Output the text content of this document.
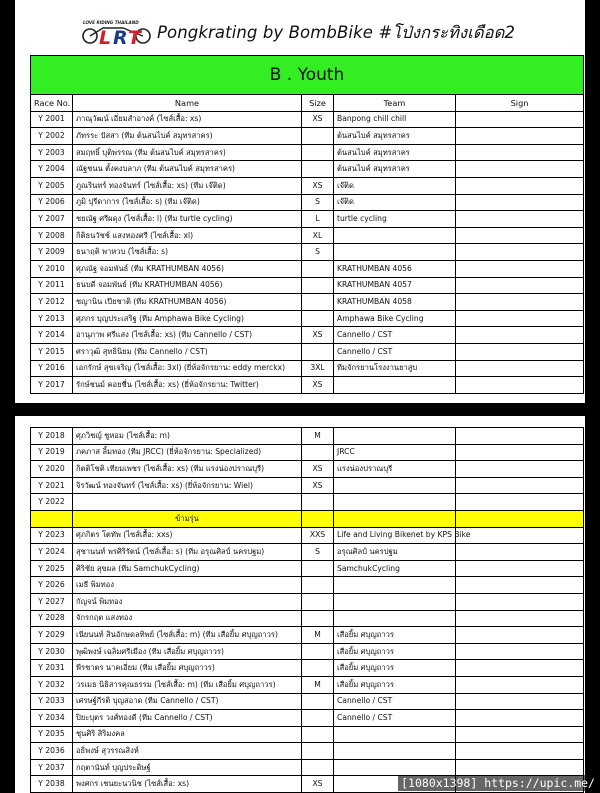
LOVE RIDING THAILAND
L R T Pongkrating by BombBike #โป่งกระทิงเดือด2
B . Youth				
Race No.	Name	Size	Team	Sign
Y 2001	ภาณุวัฒน์ เอี่ยมสำอางค์ (ไซส์เสื้อ: xs)	XS	Banpong chill chill	
Y 2002	ภัทรระ ปัสสา (ทีม ต้นสนไบค์ สมุทรสาคร)		ต้นสนไบค์ สมุทรสาคร	
Y 2003	สมฤทธิ์ บุติพรรณ (ทีม ต้นสนไบค์ สมุทรสาคร)		ต้นสนไบค์ สมุทรสาคร	
Y 2004	ณัฐชนน ตั้งคงบลาภ (ทีม ต้นสนไบค์ สมุทรสาคร)		ต้นสนไบค์ สมุทรสาคร	
Y 2005	ภูณรินทร์ ทองจันทร์ (ไซส์เสื้อ: xs) (ทีม เจ๊ติด)	XS	เจ๊ติด	
Y 2006	ภูมิ ปุรีดาการ (ไซส์เสื้อ: s) (ทีม เจ๊ติด)	S	เจ๊ติด	
Y 2007	ชยณัฐ ศรีผดุง (ไซส์เสื้อ: l) (ทีม turtle cycling)	L	turtle cycling	
Y 2008	กิติธนวัชช์ แสงทองศรี (ไซส์เสื้อ: xl)	XL		
Y 2009	ธนาฤติ พาหวบ (ไซส์เสื้อ: s)	S		
Y 2010	ศุภณัฐ จอมพันธ์ (ทีม KRATHUMBAN 4056)		KRATHUMBAN 4056	
Y 2011	ธนบดี จอมพันธ์ (ทีม KRATHUMBAN 4056)		KRATHUMBAN 4057	
Y 2012	ชญานิน เปียชาติ (ทีม KRATHUMBAN 4056)		KRATHUMBAN 4058	
Y 2013	ศุภกร บุญประเสริฐ (ทีม Amphawa Bike Cycling)		Amphawa Bike Cycling	
Y 2014	อานุภาพ ศรีแสง (ไซส์เสื้อ: xs) (ทีม Cannello / CST)	XS	Cannello / CST	
Y 2015	ศราวุฒิ สุทธินิยม (ทีม Cannello / CST)		Cannello / CST	
Y 2016	เอกรักษ์ สุขเจริญ (ไซส์เสื้อ: 3xl) (ยี่ห้อจักรยาน: eddy merckx)	3XL	ทีมจักรยานโรงงานยาสูบ	
Y 2017	รักษ์ชนม์ คอยชื่น (ไซส์เสื้อ: xs) (ยี่ห้อจักรยาน: Twitter)	XS		
Y 2018	ศุภวิชญ์ ชูหอม (ไซส์เสื้อ: m)	M		
Y 2019	ภคภาส ลิ้มทอง (ทีม JRCC) (ยี่ห้อจักรยาน: Specialized)		JRCC	
Y 2020	กิตติโชติ เทียมเพชร (ไซส์เสื้อ: xs) (ทีม แรงน่องปราณบุรี)	XS	แรงน่องปราณบุรี	
Y 2021	จิรวัฒน์ ทองจันทร์ (ไซส์เสื้อ: xs) (ยี่ห้อจักรยาน: Wiel)	XS		
Y 2022				
	ข้ามรุ่น			
Y 2023	ศุภกิตร โตทัพ (ไซส์เสื้อ: xxs)	XXS	Life and Living Bikenet by KPS Bike	
Y 2024	สุชานนท์ พรศิริรัตน์ (ไซส์เสื้อ: s) (ทีม อรุณศิลป์ นครปฐม)	S	อรุณศิลป์ นครปฐม	
Y 2025	ศิริชัย สุขผล (ทีม SamchukCycling)		SamchukCycling	
Y 2026	เมธี พิมทอง			
Y 2027	กัญจน์ พิมทอง			
Y 2028	จักรกฤต แสงทอง			
Y 2029	เนียนนท์ สินอักษดลทิพย์ (ไซส์เสื้อ: m) (ทีม เสือยิ้ม ศบุญถาวร)	M	เสือยิ้ม ศบุญถาวร	
Y 2030	พุฒิพงษ์ เฉลิมศรีเมือง (ทีม เสือยิ้ม ศบุญถาวร)		เสือยิ้ม ศบุญถาวร	
Y 2031	พีรชาตร นาคเอี่ยม (ทีม เสือยิ้ม ศบุญถาวร)		เสือยิ้ม ศบุญถาวร	
Y 2032	วรเมธ นิธิสารคุณธรรม (ไซส์เสื้อ: m) (ทีม เสือยิ้ม ศบุญถาวร)	M	เสือยิ้ม ศบุญถาวร	
Y 2033	เศรษฐ์กีรติ บุญสอาด (ทีม Cannello / CST)		Cannello / CST	
Y 2034	ปิยะบุตร วงศ์ทองดี (ทีม Cannello / CST)		Cannello / CST	
Y 2035	ชุนศิริ สิริมงคล			
Y 2036	อธิพงษ์ สุวรรณสิงห์			
Y 2037	กฤตานันท์ บุญประดิษฐ์			
Y 2038	พงศกร เชนยะนวนิช (ไซส์เสื้อ: xs)	XS			[1080x1398] https://upic.me/
